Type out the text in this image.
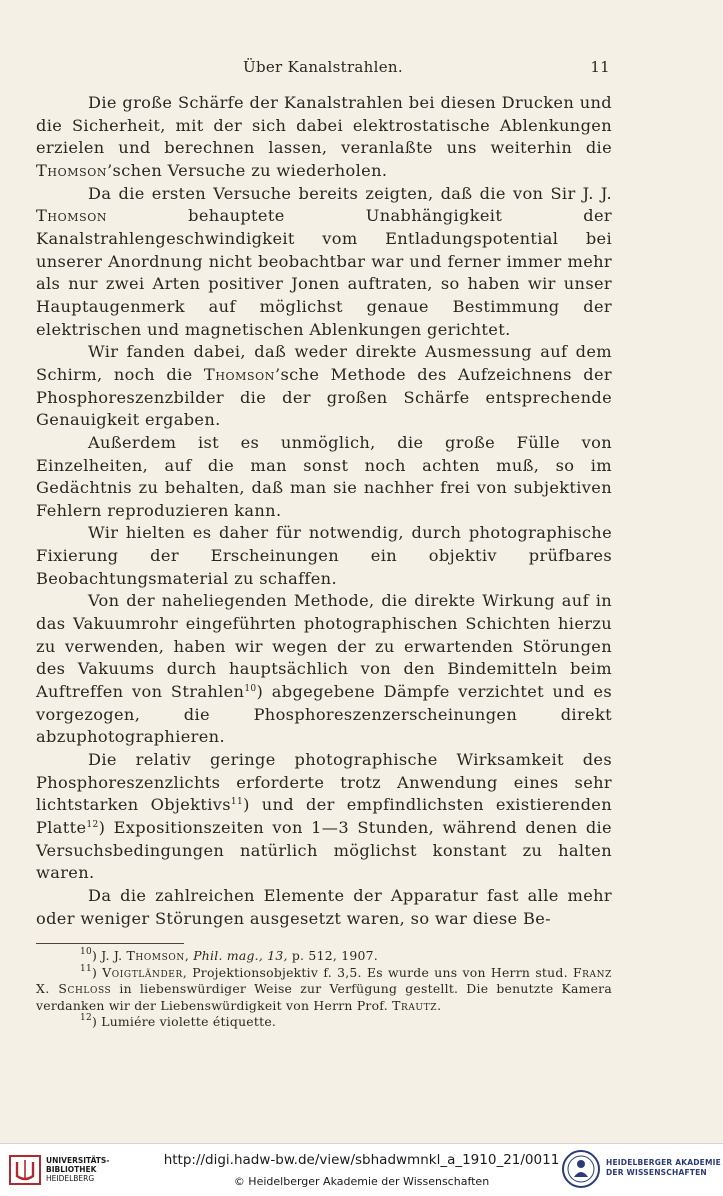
Über Kanalstrahlen.	11

Die große Schärfe der Kanalstrahlen bei diesen Drucken und die Sicherheit, mit der sich dabei elektrostatische Ablenkungen erzielen und berechnen lassen, veranlaßte uns weiterhin die Thomson’schen Versuche zu wiederholen.

Da die ersten Versuche bereits zeigten, daß die von Sir J. J. Thomson behauptete Unabhängigkeit der Kanalstrahlengeschwindigkeit vom Entladungspotential bei unserer Anordnung nicht beobachtbar war und ferner immer mehr als nur zwei Arten positiver Jonen auftraten, so haben wir unser Hauptaugenmerk auf möglichst genaue Bestimmung der elektrischen und magnetischen Ablenkungen gerichtet.

Wir fanden dabei, daß weder direkte Ausmessung auf dem Schirm, noch die Thomson’sche Methode des Aufzeichnens der Phosphoreszenzbilder die der großen Schärfe entsprechende Genauigkeit ergaben.

Außerdem ist es unmöglich, die große Fülle von Einzelheiten, auf die man sonst noch achten muß, so im Gedächtnis zu behalten, daß man sie nachher frei von subjektiven Fehlern reproduzieren kann.

Wir hielten es daher für notwendig, durch photographische Fixierung der Erscheinungen ein objektiv prüfbares Beobachtungsmaterial zu schaffen.

Von der naheliegenden Methode, die direkte Wirkung auf in das Vakuumrohr eingeführten photographischen Schichten hierzu zu verwenden, haben wir wegen der zu erwartenden Störungen des Vakuums durch hauptsächlich von den Bindemitteln beim Auftreffen von Strahlen$^{10}$) abgegebene Dämpfe verzichtet und es vorgezogen, die Phosphoreszenzerscheinungen direkt abzuphotographieren.

Die relativ geringe photographische Wirksamkeit des Phosphoreszenzlichts erforderte trotz Anwendung eines sehr lichtstarken Objektivs$^{11}$) und der empfindlichsten existierenden Platte$^{12}$) Expositionszeiten von 1—3 Stunden, während denen die Versuchsbedingungen natürlich möglichst konstant zu halten waren.

Da die zahlreichen Elemente der Apparatur fast alle mehr oder weniger Störungen ausgesetzt waren, so war diese Be-

$^{10}$) J. J. Thomson, Phil. mag., 13, p. 512, 1907.

$^{11}$) Voigtländer, Projektionsobjektiv f. 3,5. Es wurde uns von Herrn stud. Franz X. Schloss in liebenswürdiger Weise zur Verfügung gestellt. Die benutzte Kamera verdanken wir der Liebenswürdigkeit von Herrn Prof. Trautz.

$^{12}$) Lumiére violette étiquette.

UNIVERSITÄTS-
BIBLIOTHEK
HEIDELBERG
http://digi.hadw-bw.de/view/sbhadwmnkl_a_1910_21/0011
© Heidelberger Akademie der Wissenschaften
HEIDELBERGER AKADEMIE
DER WISSENSCHAFTEN
